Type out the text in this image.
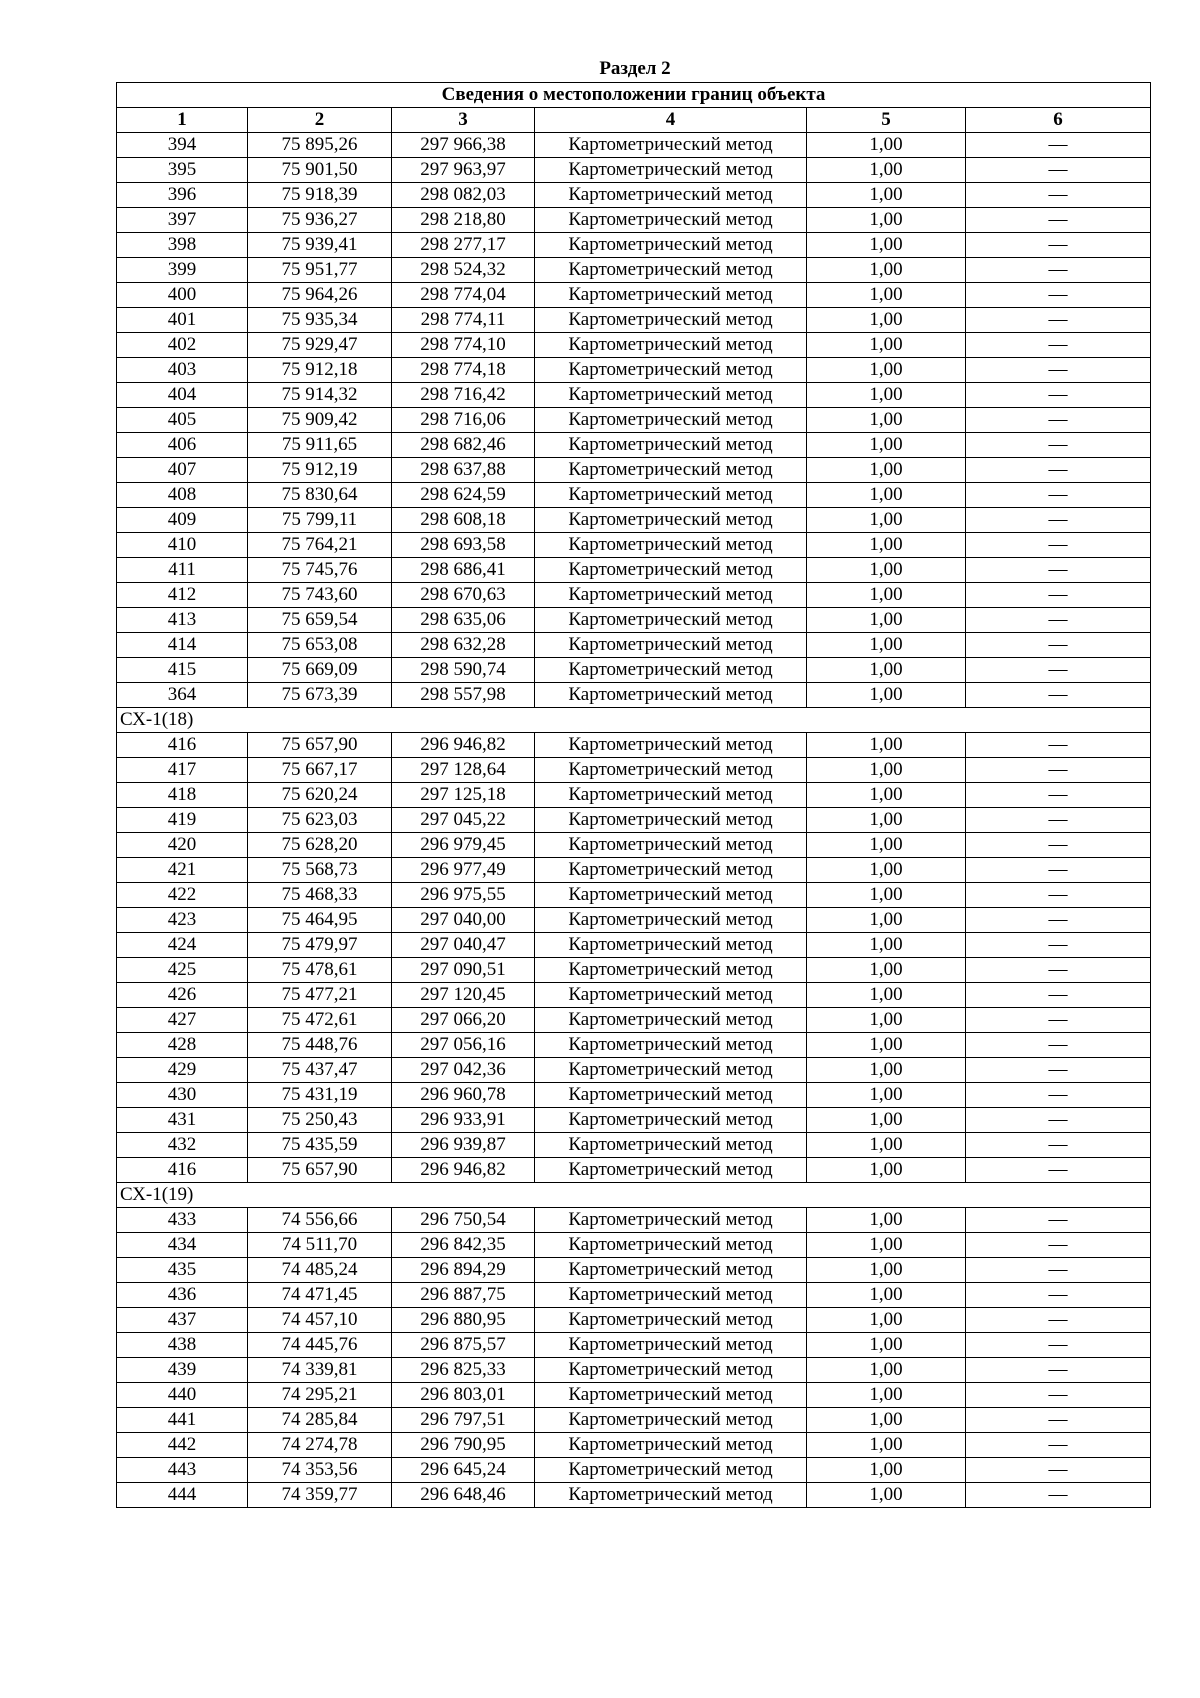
Раздел 2
Сведения о местоположении границ объекта					
1	2	3	4	5	6
394	75 895,26	297 966,38	Картометрический метод	1,00	—
395	75 901,50	297 963,97	Картометрический метод	1,00	—
396	75 918,39	298 082,03	Картометрический метод	1,00	—
397	75 936,27	298 218,80	Картометрический метод	1,00	—
398	75 939,41	298 277,17	Картометрический метод	1,00	—
399	75 951,77	298 524,32	Картометрический метод	1,00	—
400	75 964,26	298 774,04	Картометрический метод	1,00	—
401	75 935,34	298 774,11	Картометрический метод	1,00	—
402	75 929,47	298 774,10	Картометрический метод	1,00	—
403	75 912,18	298 774,18	Картометрический метод	1,00	—
404	75 914,32	298 716,42	Картометрический метод	1,00	—
405	75 909,42	298 716,06	Картометрический метод	1,00	—
406	75 911,65	298 682,46	Картометрический метод	1,00	—
407	75 912,19	298 637,88	Картометрический метод	1,00	—
408	75 830,64	298 624,59	Картометрический метод	1,00	—
409	75 799,11	298 608,18	Картометрический метод	1,00	—
410	75 764,21	298 693,58	Картометрический метод	1,00	—
411	75 745,76	298 686,41	Картометрический метод	1,00	—
412	75 743,60	298 670,63	Картометрический метод	1,00	—
413	75 659,54	298 635,06	Картометрический метод	1,00	—
414	75 653,08	298 632,28	Картометрический метод	1,00	—
415	75 669,09	298 590,74	Картометрический метод	1,00	—
364	75 673,39	298 557,98	Картометрический метод	1,00	—
СХ-1(18)					
416	75 657,90	296 946,82	Картометрический метод	1,00	—
417	75 667,17	297 128,64	Картометрический метод	1,00	—
418	75 620,24	297 125,18	Картометрический метод	1,00	—
419	75 623,03	297 045,22	Картометрический метод	1,00	—
420	75 628,20	296 979,45	Картометрический метод	1,00	—
421	75 568,73	296 977,49	Картометрический метод	1,00	—
422	75 468,33	296 975,55	Картометрический метод	1,00	—
423	75 464,95	297 040,00	Картометрический метод	1,00	—
424	75 479,97	297 040,47	Картометрический метод	1,00	—
425	75 478,61	297 090,51	Картометрический метод	1,00	—
426	75 477,21	297 120,45	Картометрический метод	1,00	—
427	75 472,61	297 066,20	Картометрический метод	1,00	—
428	75 448,76	297 056,16	Картометрический метод	1,00	—
429	75 437,47	297 042,36	Картометрический метод	1,00	—
430	75 431,19	296 960,78	Картометрический метод	1,00	—
431	75 250,43	296 933,91	Картометрический метод	1,00	—
432	75 435,59	296 939,87	Картометрический метод	1,00	—
416	75 657,90	296 946,82	Картометрический метод	1,00	—
СХ-1(19)					
433	74 556,66	296 750,54	Картометрический метод	1,00	—
434	74 511,70	296 842,35	Картометрический метод	1,00	—
435	74 485,24	296 894,29	Картометрический метод	1,00	—
436	74 471,45	296 887,75	Картометрический метод	1,00	—
437	74 457,10	296 880,95	Картометрический метод	1,00	—
438	74 445,76	296 875,57	Картометрический метод	1,00	—
439	74 339,81	296 825,33	Картометрический метод	1,00	—
440	74 295,21	296 803,01	Картометрический метод	1,00	—
441	74 285,84	296 797,51	Картометрический метод	1,00	—
442	74 274,78	296 790,95	Картометрический метод	1,00	—
443	74 353,56	296 645,24	Картометрический метод	1,00	—
444	74 359,77	296 648,46	Картометрический метод	1,00	—
